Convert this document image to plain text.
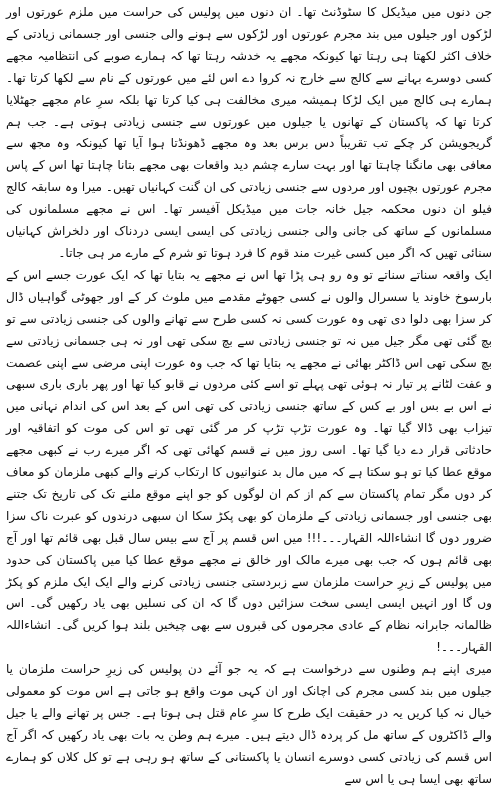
جن دنوں میں میڈیکل کا سٹوڈنٹ تھا۔ ان دنوں میں پولیس کی حراست میں ملزم عورتوں اور لڑکوں اور جیلوں میں بند مجرم عورتوں اور لڑکوں سے ہونے والی جنسی اور جسمانی زیادتی کے خلاف اکثر لکھتا ہی رہتا تھا کیونکہ مجھے یہ خدشہ رہتا تھا کہ ہمارے صوبے کی انتظامیہ مجھے کسی دوسرے بہانے سے کالج سے خارج نہ کروا دے اس لئے میں عورتوں کے نام سے لکھا کرتا تھا۔ ہمارے ہی کالج میں ایک لڑکا ہمیشہ میری مخالفت ہی کیا کرتا تھا بلکہ سرِ عام مجھے جھٹلایا کرتا تھا کہ پاکستان کے تھانوں یا جیلوں میں عورتوں سے جنسی زیادتی ہوتی ہے۔ جب ہم گریجویشن کر چکے تب تقریباً دس برس بعد وہ مجھے ڈھونڈتا ہوا آیا تھا کیونکہ وہ مجھ سے معافی بھی مانگنا چاہتا تھا اور بہت سارے چشم دید واقعات بھی مجھے بتانا چاہتا تھا اس کے پاس مجرم عورتوں بچیوں اور مردوں سے جنسی زیادتی کی ان گنت کہانیاں تھیں۔ میرا وہ سابقہ کالج فیلو ان دنوں محکمہ جیل خانہ جات میں میڈیکل آفیسر تھا۔ اس نے مجھے مسلمانوں کی مسلمانوں کے ساتھ کی جانی والی جنسی زیادتی کی ایسی ایسی دردناک اور دلخراش کہانیاں سنائی تھیں کہ اگر میں کسی غیرت مند قوم کا فرد ہوتا تو شرم کے مارے مر ہی جاتا۔

ایک واقعہ سناتے سناتے تو وہ رو ہی پڑا تھا اس نے مجھے یہ بتایا تھا کہ ایک عورت جسے اس کے بارسوخ خاوند یا سسرال والوں نے کسی جھوٹے مقدمے میں ملوث کر کے اور جھوٹی گواہیاں ڈال کر سزا بھی دلوا دی تھی وہ عورت کسی نہ کسی طرح سے تھانے والوں کی جنسی زیادتی سے تو بچ گئی تھی مگر جیل میں نہ تو جنسی زیادتی سے بچ سکی تھی اور نہ ہی جسمانی زیادتی سے بچ سکی تھی اس ڈاکٹر بھائی نے مجھے یہ بتایا تھا کہ جب وہ عورت اپنی مرضی سے اپنی عصمت و عفت لٹانے پر تیار نہ ہوئی تھی پہلے تو اسے کئی مردوں نے قابو کیا تھا اور پھر باری باری سبھی نے اس بے بس اور بے کس کے ساتھ جنسی زیادتی کی تھی اس کے بعد اس کی اندام نہانی میں تیزاب بھی ڈالا گیا تھا۔ وہ عورت تڑپ تڑپ کر مر گئی تھی تو اس کی موت کو اتفاقیہ اور حادثاتی قرار دے دیا گیا تھا۔ اسی روز میں نے قسم کھائی تھی کہ اگر میرے رب نے کبھی مجھے موقع عطا کیا تو ہو سکتا ہے کہ میں مال بد عنوانیوں کا ارتکاب کرنے والے کبھی ملزمان کو معاف کر دوں مگر تمام پاکستان سے کم از کم ان لوگوں کو جو اپنے موقع ملنے تک کی تاریخ تک جتنے بھی جنسی اور جسمانی زیادتی کے ملزمان کو بھی پکڑ سکا ان سبھی درندوں کو عبرت ناک سزا ضرور دوں گا انشاءاللہ القہار۔۔۔!!! میں اس قسم پر آج سے بیس سال قبل بھی قائم تھا اور آج بھی قائم ہوں کہ جب بھی میرے مالک اور خالق نے مجھے موقع عطا کیا میں پاکستان کی حدود میں پولیس کے زیرِ حراست ملزمان سے زبردستی جنسی زیادتی کرنے والے ایک ایک ملزم کو پکڑ وں گا اور انہیں ایسی ایسی سخت سزائیں دوں گا کہ ان کی نسلیں بھی یاد رکھیں گی۔ اس ظالمانہ جابرانہ نظام کے عادی مجرموں کی قبروں سے بھی چیخیں بلند ہوا کریں گی۔ انشاءاللہ القہار۔۔۔!

میری اپنے ہم وطنوں سے درخواست ہے کہ یہ جو آئے دن پولیس کی زیرِ حراست ملزمان یا جیلوں میں بند کسی مجرم کی اچانک اور ان کہی موت واقع ہو جاتی ہے اس موت کو معمولی خیال نہ کیا کریں یہ در حقیقت ایک طرح کا سرِ عام قتل ہی ہوتا ہے۔ جس پر تھانے والے یا جیل والے ڈاکٹروں کے ساتھ مل کر پردہ ڈال دیتے ہیں۔ میرے ہم وطن یہ بات بھی یاد رکھیں کہ اگر آج اس قسم کی زیادتی کسی دوسرے انسان یا پاکستانی کے ساتھ ہو رہی ہے تو کل کلاں کو ہمارے ساتھ بھی ایسا ہی یا اس سے
